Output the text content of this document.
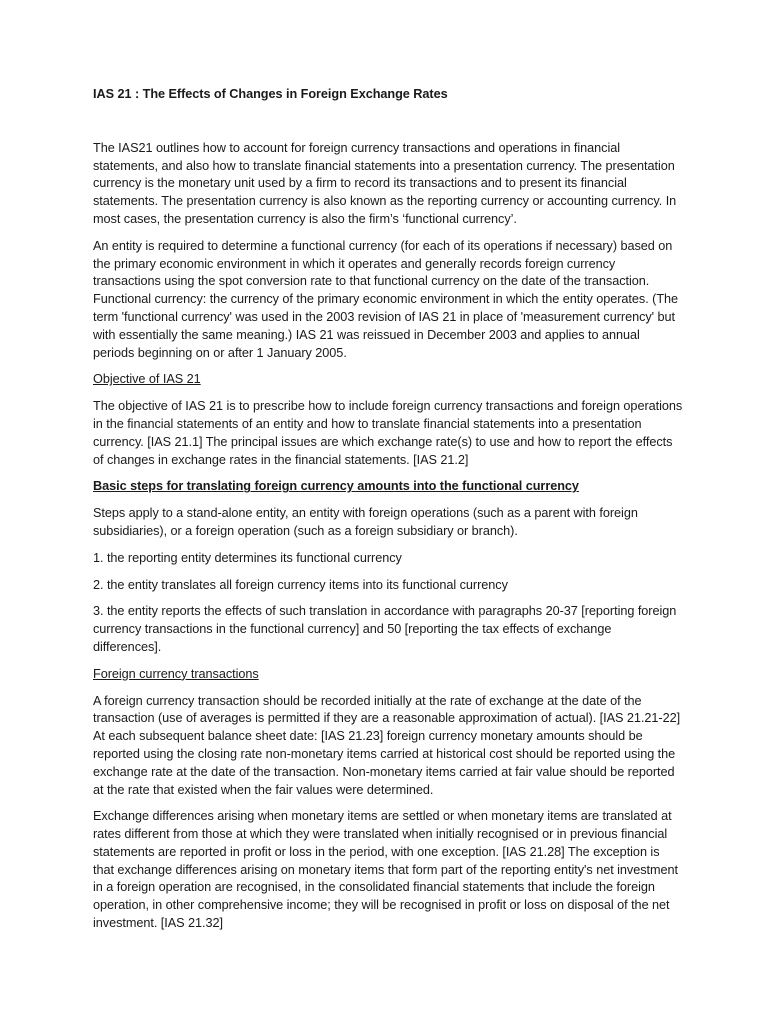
IAS 21 : The Effects of Changes in Foreign Exchange Rates

The IAS21 outlines how to account for foreign currency transactions and operations in financial statements, and also how to translate financial statements into a presentation currency. The presentation currency is the monetary unit used by a firm to record its transactions and to present its financial statements. The presentation currency is also known as the reporting currency or accounting currency. In most cases, the presentation currency is also the firm’s ‘functional currency’.

An entity is required to determine a functional currency (for each of its operations if necessary) based on the primary economic environment in which it operates and generally records foreign currency transactions using the spot conversion rate to that functional currency on the date of the transaction. Functional currency: the currency of the primary economic environment in which the entity operates. (The term 'functional currency' was used in the 2003 revision of IAS 21 in place of 'measurement currency' but with essentially the same meaning.) IAS 21 was reissued in December 2003 and applies to annual periods beginning on or after 1 January 2005.

Objective of IAS 21

The objective of IAS 21 is to prescribe how to include foreign currency transactions and foreign operations in the financial statements of an entity and how to translate financial statements into a presentation currency. [IAS 21.1] The principal issues are which exchange rate(s) to use and how to report the effects of changes in exchange rates in the financial statements. [IAS 21.2]

Basic steps for translating foreign currency amounts into the functional currency

Steps apply to a stand-alone entity, an entity with foreign operations (such as a parent with foreign subsidiaries), or a foreign operation (such as a foreign subsidiary or branch).

1. the reporting entity determines its functional currency

2. the entity translates all foreign currency items into its functional currency

3. the entity reports the effects of such translation in accordance with paragraphs 20-37 [reporting foreign currency transactions in the functional currency] and 50 [reporting the tax effects of exchange differences].

Foreign currency transactions

A foreign currency transaction should be recorded initially at the rate of exchange at the date of the transaction (use of averages is permitted if they are a reasonable approximation of actual). [IAS 21.21-22] At each subsequent balance sheet date: [IAS 21.23] foreign currency monetary amounts should be reported using the closing rate non-monetary items carried at historical cost should be reported using the exchange rate at the date of the transaction. Non-monetary items carried at fair value should be reported at the rate that existed when the fair values were determined.

Exchange differences arising when monetary items are settled or when monetary items are translated at rates different from those at which they were translated when initially recognised or in previous financial statements are reported in profit or loss in the period, with one exception. [IAS 21.28] The exception is that exchange differences arising on monetary items that form part of the reporting entity's net investment in a foreign operation are recognised, in the consolidated financial statements that include the foreign operation, in other comprehensive income; they will be recognised in profit or loss on disposal of the net investment. [IAS 21.32]
